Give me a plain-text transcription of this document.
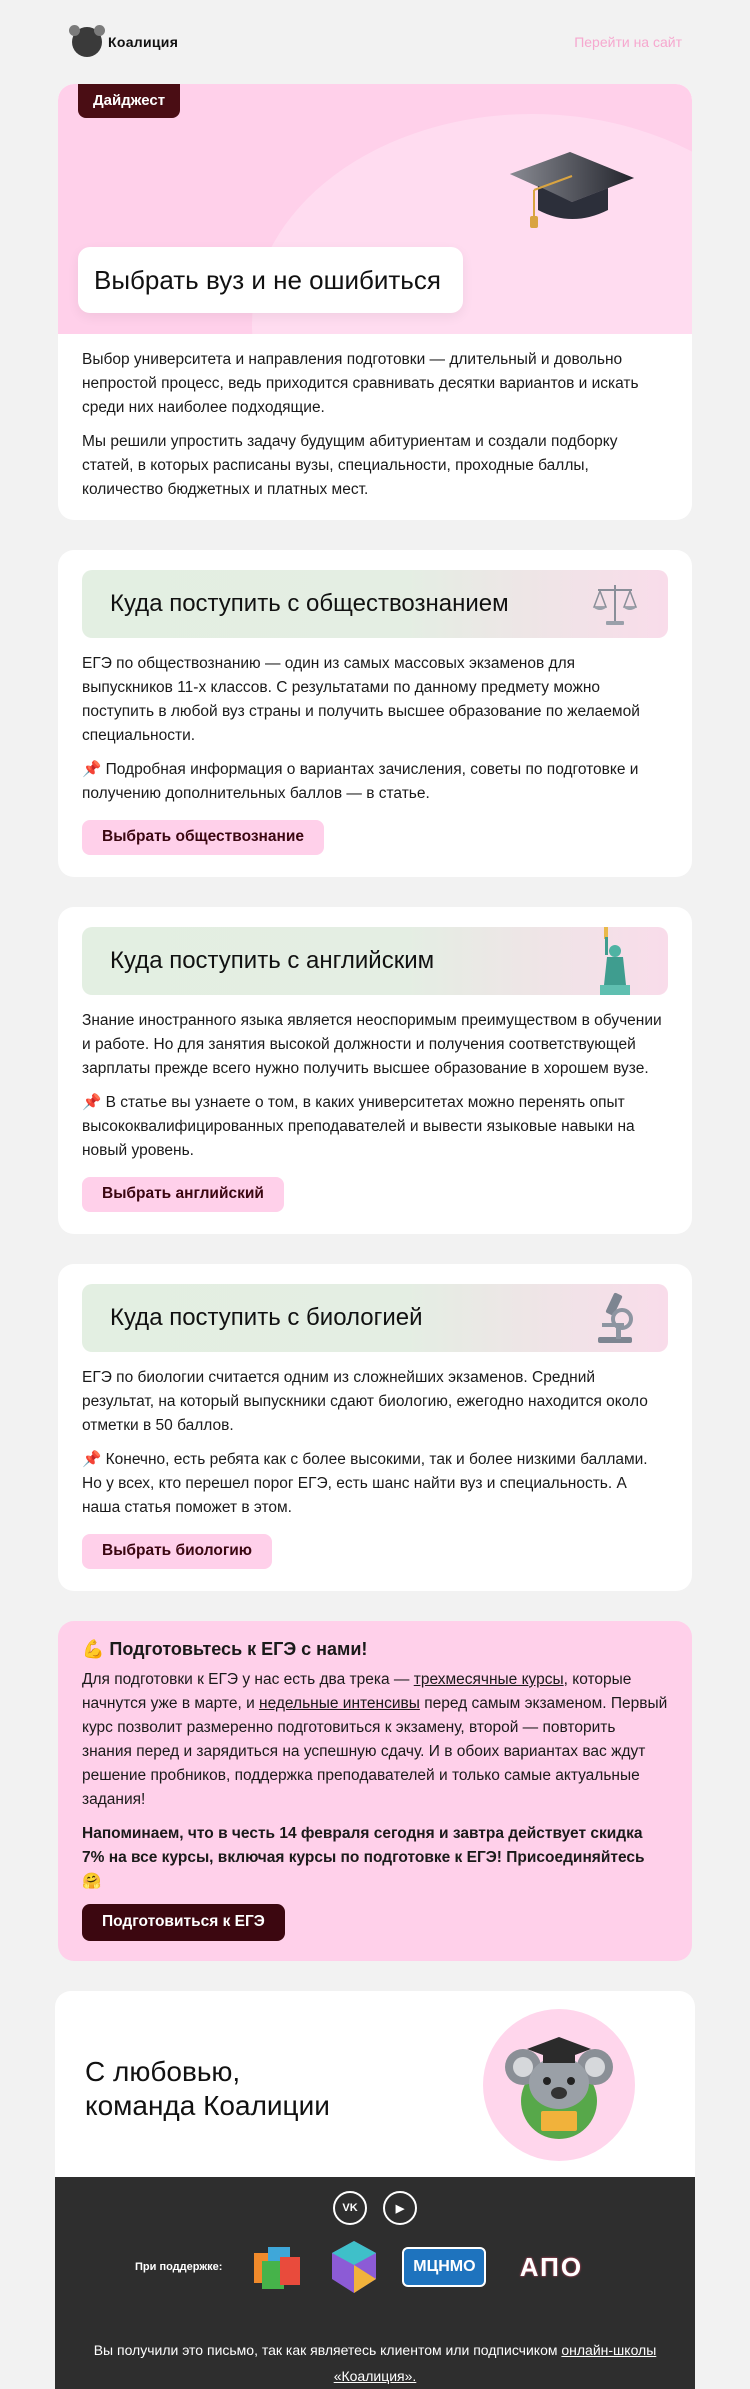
Коалиция	Перейти на сайт
Дайджест
Выбрать вуз и не ошибиться

Выбор университета и направления подготовки — длительный и довольно непростой процесс, ведь приходится сравнивать десятки вариантов и искать среди них наиболее подходящие.

Мы решили упростить задачу будущим абитуриентам и создали подборку статей, в которых расписаны вузы, специальности, проходные баллы, количество бюджетных и платных мест.

Куда поступить с обществознанием

ЕГЭ по обществознанию — один из самых массовых экзаменов для выпускников 11-х классов. С результатами по данному предмету можно поступить в любой вуз страны и получить высшее образование по желаемой специальности.

📌 Подробная информация о вариантах зачисления, советы по подготовке и получению дополнительных баллов — в статье.

Выбрать обществознание
Куда поступить с английским

Знание иностранного языка является неоспоримым преимуществом в обучении и работе. Но для занятия высокой должности и получения соответствующей зарплаты прежде всего нужно получить высшее образование в хорошем вузе.

📌 В статье вы узнаете о том, в каких университетах можно перенять опыт высококвалифицированных преподавателей и вывести языковые навыки на новый уровень.

Выбрать английский
Куда поступить с биологией

ЕГЭ по биологии считается одним из сложнейших экзаменов. Средний результат, на который выпускники сдают биологию, ежегодно находится около отметки в 50 баллов.

📌 Конечно, есть ребята как с более высокими, так и более низкими баллами. Но у всех, кто перешел порог ЕГЭ, есть шанс найти вуз и специальность. А наша статья поможет в этом.

Выбрать биологию
💪 Подготовьтесь к ЕГЭ с нами!

Для подготовки к ЕГЭ у нас есть два трека — трехмесячные курсы, которые начнутся уже в марте, и недельные интенсивы перед самым экзаменом. Первый курс позволит размеренно подготовиться к экзамену, второй — повторить знания перед и зарядиться на успешную сдачу. И в обоих вариантах вас ждут решение пробников, поддержка преподавателей и только самые актуальные задания!

Напоминаем, что в честь 14 февраля сегодня и завтра действует скидка 7% на все курсы, включая курсы по подготовке к ЕГЭ! Присоединяйтесь 🤗

Подготовиться к ЕГЭ
С любовью,
команда Коалиции
VK	▶
При поддержке:	МЦНМО	АПО
Вы получили это письмо, так как являетесь клиентом или подписчиком онлайн-школы «Коалиция».
